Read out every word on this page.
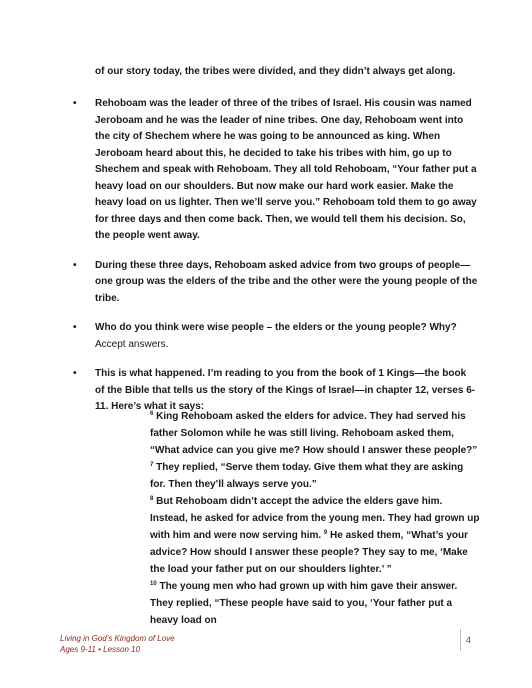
of our story today, the tribes were divided, and they didn’t always get along.
• Rehoboam was the leader of three of the tribes of Israel. His cousin was named Jeroboam and he was the leader of nine tribes. One day, Rehoboam went into the city of Shechem where he was going to be announced as king. When Jeroboam heard about this, he decided to take his tribes with him, go up to Shechem and speak with Rehoboam. They all told Rehoboam, “Your father put a heavy load on our shoulders. But now make our hard work easier. Make the heavy load on us lighter. Then we’ll serve you.” Rehoboam told them to go away for three days and then come back. Then, we would tell them his decision. So, the people went away.
• During these three days, Rehoboam asked advice from two groups of people—one group was the elders of the tribe and the other were the young people of the tribe.
• Who do you think were wise people – the elders or the young people? Why?
Accept answers.
• This is what happened. I’m reading to you from the book of 1 Kings—the book of the Bible that tells us the story of the Kings of Israel—in chapter 12, verses 6-11. Here’s what it says:
$^6$ King Rehoboam asked the elders for advice. They had served his father Solomon while he was still living. Rehoboam asked them, “What advice can you give me? How should I answer these people?”
$^7$ They replied, “Serve them today. Give them what they are asking for. Then they’ll always serve you.”
$^8$ But Rehoboam didn’t accept the advice the elders gave him. Instead, he asked for advice from the young men. They had grown up with him and were now serving him. $^9$ He asked them, “What’s your advice? How should I answer these people? They say to me, ‘Make the load your father put on our shoulders lighter.’ ”
$^{10}$ The young men who had grown up with him gave their answer. They replied, “These people have said to you, ‘Your father put a heavy load on
Living in God’s Kingdom of Love
Ages 9-11 • Lesson 10
4
